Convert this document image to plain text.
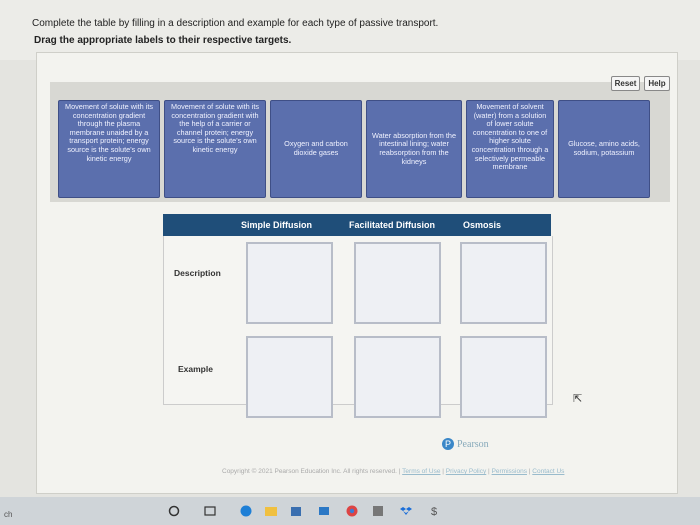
Complete the table by filling in a description and example for each type of passive transport.
Drag the appropriate labels to their respective targets.
Reset	Help
Movement of solute with its concentration gradient through the plasma membrane unaided by a transport protein; energy source is the solute's own kinetic energy
Movement of solute with its concentration gradient with the help of a carrier or channel protein; energy source is the solute's own kinetic energy
Oxygen and carbon dioxide gases
Water absorption from the intestinal lining; water reabsorption from the kidneys
Movement of solvent (water) from a solution of lower solute concentration to one of higher solute concentration through a selectively permeable membrane
Glucose, amino acids, sodium, potassium
Simple Diffusion	Facilitated Diffusion	Osmosis
Description
Example
⇱
P Pearson
Copyright © 2021 Pearson Education Inc. All rights reserved. | Terms of Use | Privacy Policy | Permissions | Contact Us
$
ch
